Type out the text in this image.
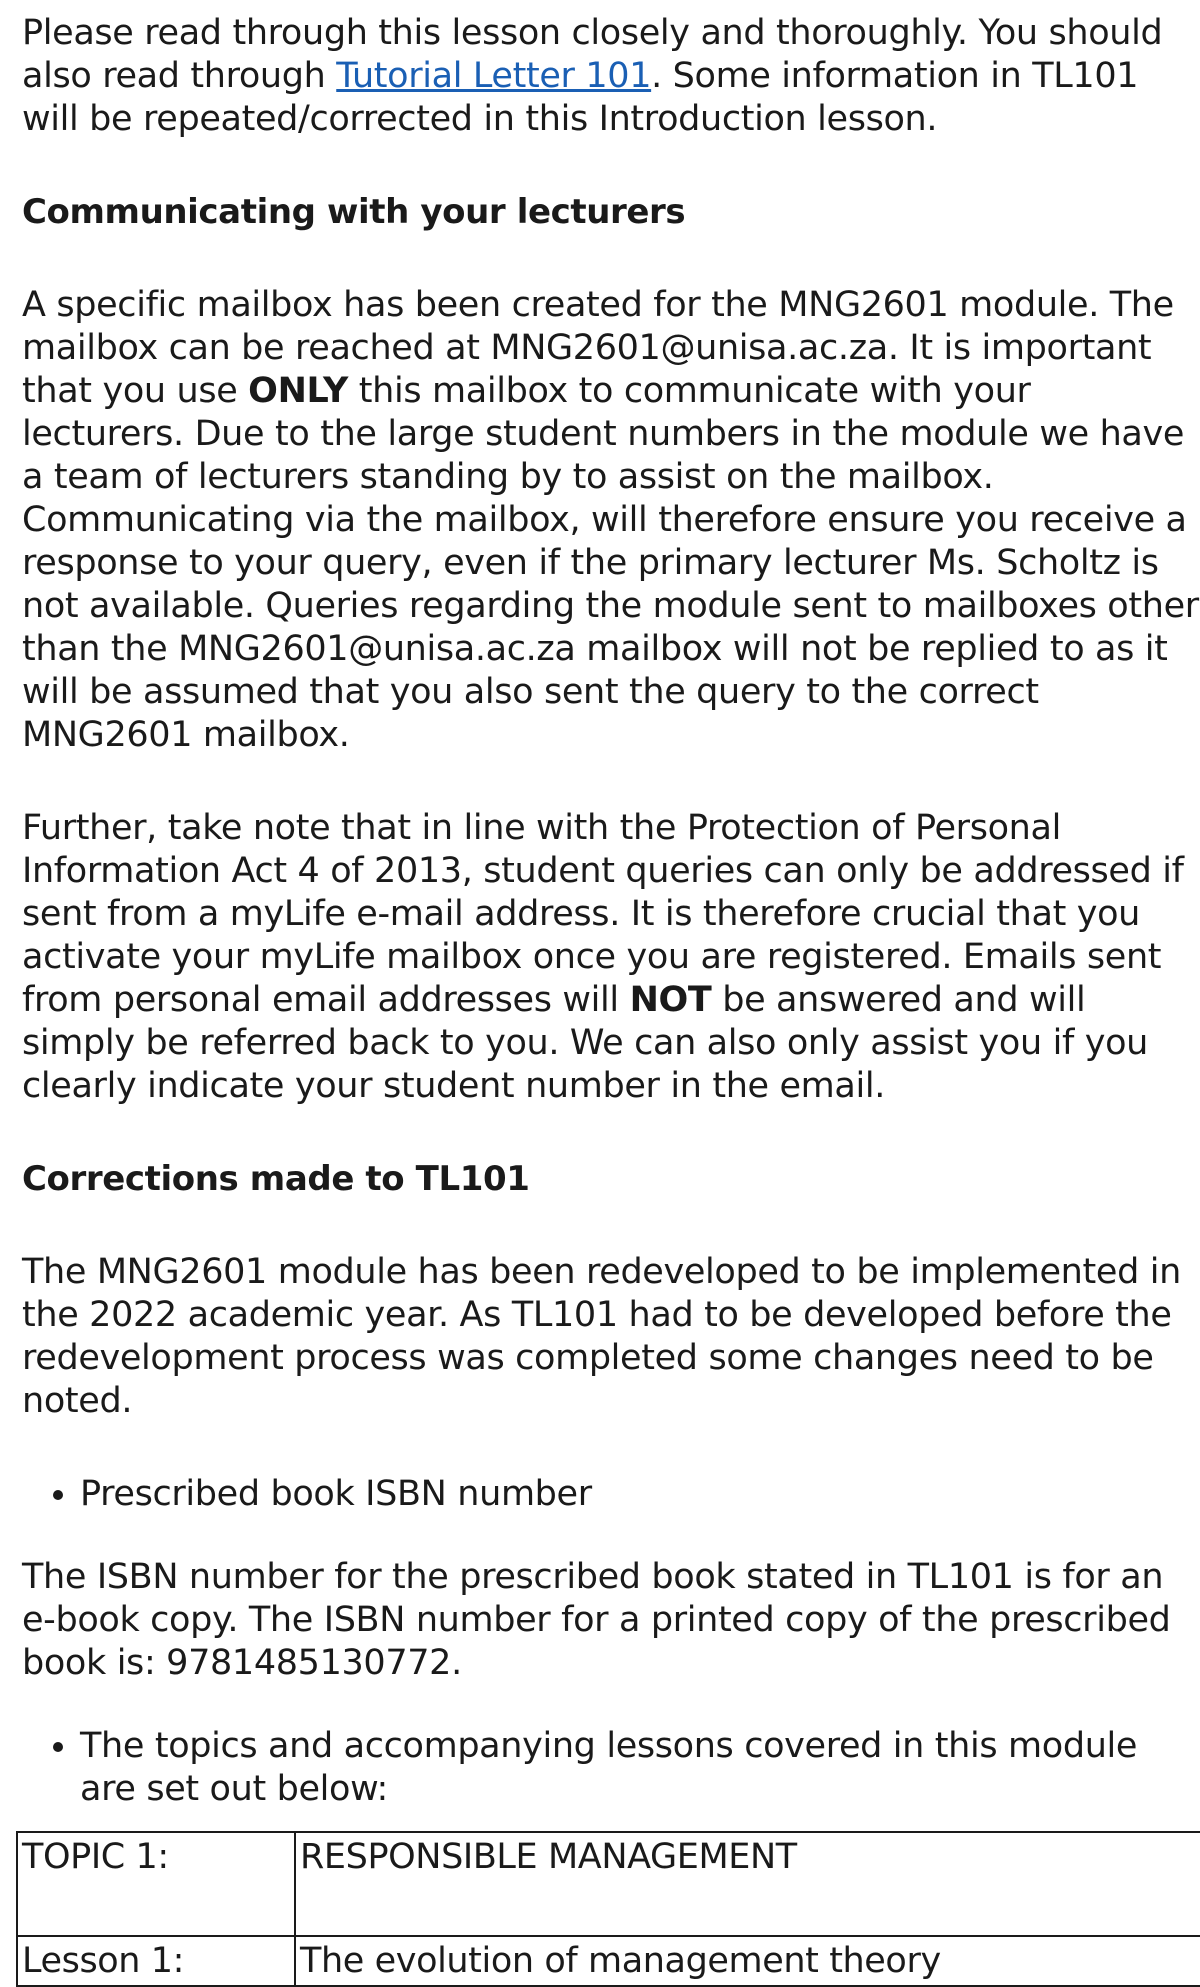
Please read through this lesson closely and thoroughly. You should also read through Tutorial Letter 101. Some information in TL101 will be repeated/corrected in this Introduction lesson.

Communicating with your lecturers

A specific mailbox has been created for the MNG2601 module. The mailbox can be reached at MNG2601@unisa.ac.za. It is important that you use ONLY this mailbox to communicate with your lecturers. Due to the large student numbers in the module we have a team of lecturers standing by to assist on the mailbox. Communicating via the mailbox, will therefore ensure you receive a response to your query, even if the primary lecturer Ms. Scholtz is not available. Queries regarding the module sent to mailboxes other than the MNG2601@unisa.ac.za mailbox will not be replied to as it will be assumed that you also sent the query to the correct MNG2601 mailbox.

Further, take note that in line with the Protection of Personal Information Act 4 of 2013, student queries can only be addressed if sent from a myLife e-mail address. It is therefore crucial that you activate your myLife mailbox once you are registered. Emails sent from personal email addresses will NOT be answered and will simply be referred back to you. We can also only assist you if you clearly indicate your student number in the email.

Corrections made to TL101

The MNG2601 module has been redeveloped to be implemented in the 2022 academic year. As TL101 had to be developed before the redevelopment process was completed some changes need to be noted.

• Prescribed book ISBN number

The ISBN number for the prescribed book stated in TL101 is for an e-book copy. The ISBN number for a printed copy of the prescribed book is: 9781485130772.

• The topics and accompanying lessons covered in this module are set out below:
TOPIC 1:	RESPONSIBLE MANAGEMENT
Lesson 1:	The evolution of management theory
